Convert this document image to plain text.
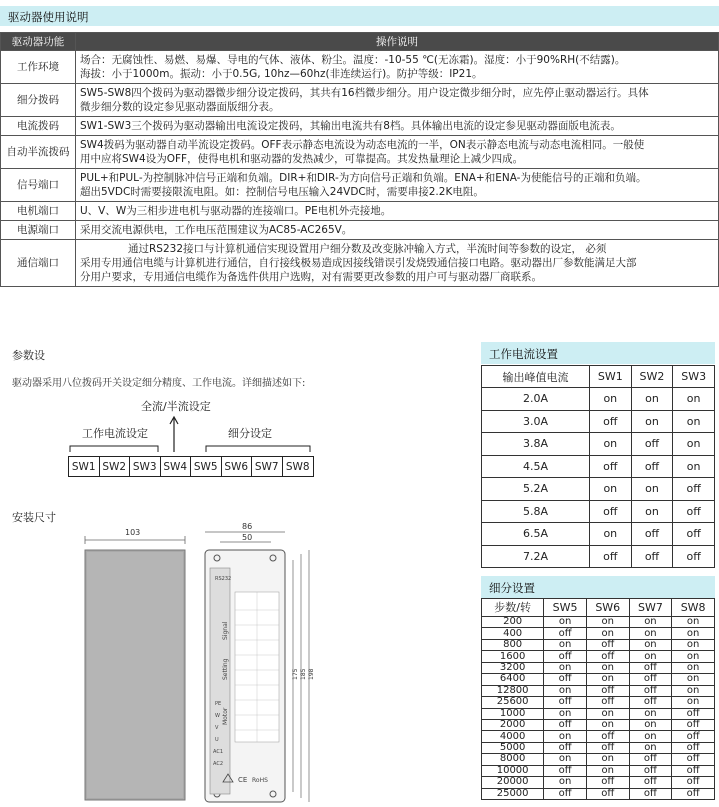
驱动器使用说明
驱动器功能	操作说明
工作环境	场合：无腐蚀性、易燃、易爆、导电的气体、液体、粉尘。温度：-10-55 ℃(无冻霜)。湿度：小于90%RH(不结露)。
海拔：小于1000m。振动：小于0.5G, 10hz—60hz(非连续运行)。防护等级：IP21。

细分拨码	SW5-SW8四个拨码为驱动器微步细分设定拨码，其共有16档微步细分。用户设定微步细分时，应先停止驱动器运行。具体
微步细分数的设定参见驱动器面版细分表。

电流拨码	SW1-SW3三个拨码为驱动器输出电流设定拨码，其输出电流共有8档。具体输出电流的设定参见驱动器面版电流表。

自动半流拨码	SW4拨码为驱动器自动半流设定拨码。OFF表示静态电流设为动态电流的一半，ON表示静态电流与动态电流相同。一般使
用中应将SW4设为OFF，使得电机和驱动器的发热减少，可靠提高。其发热量理论上减少四成。

信号端口	PUL+和PUL-为控制脉冲信号正端和负端。DIR+和DIR-为方向信号正端和负端。ENA+和ENA-为使能信号的正端和负端。
超出5VDC时需要接限流电阻。如：控制信号电压输入24VDC时，需要串接2.2K电阻。

电机端口	U、V、W为三相步进电机与驱动器的连接端口。PE电机外壳接地。

电源端口	采用交流电源供电，工作电压范围建议为AC85-AC265V。

通信端口	通过RS232接口与计算机通信实现设置用户细分数及改变脉冲输入方式，半流时间等参数的设定， 必须
采用专用通信电缆与计算机进行通信，自行接线极易造成因接线错误引发烧毁通信接口电路。驱动器出厂参数能满足大部
分用户要求，专用通信电缆作为备选件供用户选购，对有需要更改参数的用户可与驱动器厂商联系。
参数设
驱动器采用八位拨码开关设定细分精度、工作电流。详细描述如下:
全流/半流设定
工作电流设定	细分设定
SW1 SW2 SW3 SW4 SW5 SW6 SW7 SW8
安装尺寸
103
86
50
RS232
Signal
Setting
Motor
PE
W
V
U
AC1
AC2
CE RoHS
175 185 198
工作电流设置
输出峰值电流	SW1	SW2	SW3
2.0A	on	on	on
3.0A	off	on	on
3.8A	on	off	on
4.5A	off	off	on
5.2A	on	on	off
5.8A	off	on	off
6.5A	on	off	off
7.2A	off	off	off
细分设置
步数/转	SW5	SW6	SW7	SW8
200	on	on	on	on
400	off	on	on	on
800	on	off	on	on
1600	off	off	on	on
3200	on	on	off	on
6400	off	on	off	on
12800	on	off	off	on
25600	off	off	off	on
1000	on	on	on	off
2000	off	on	on	off
4000	on	off	on	off
5000	off	off	on	off
8000	on	on	off	off
10000	off	on	off	off
20000	on	off	off	off
25000	off	off	off	off
